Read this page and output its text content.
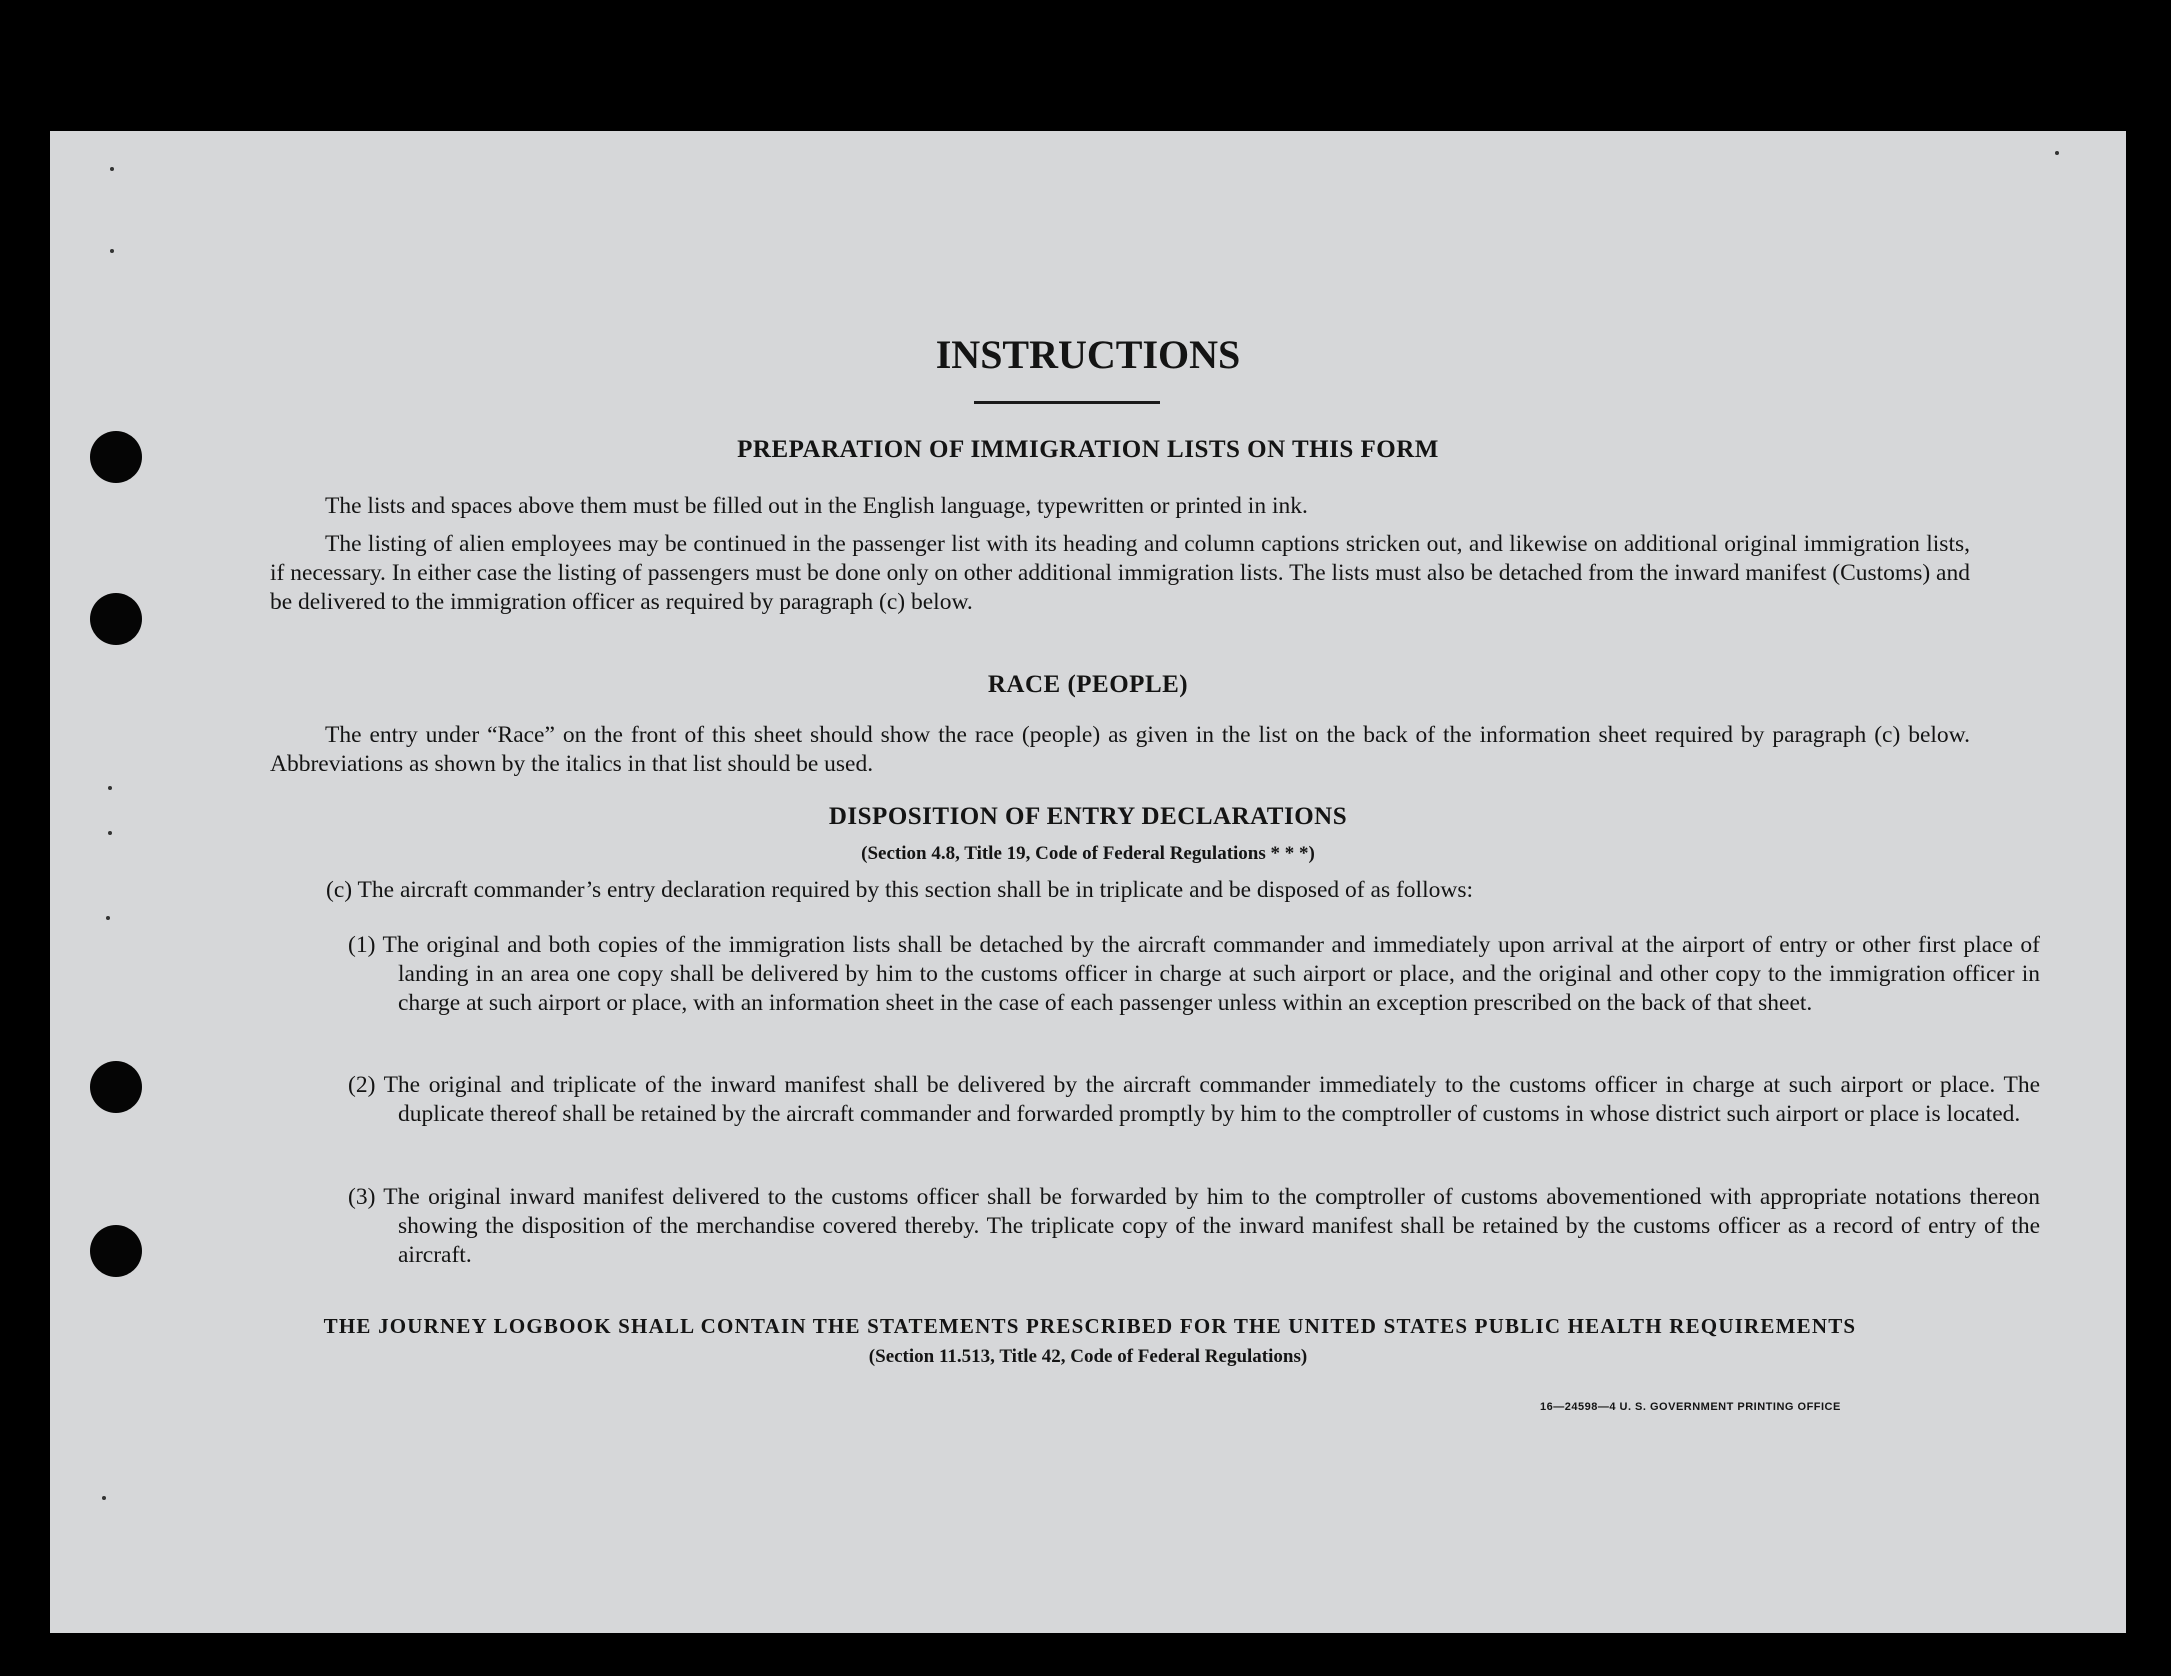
INSTRUCTIONS
PREPARATION OF IMMIGRATION LISTS ON THIS FORM
The lists and spaces above them must be filled out in the English language, typewritten or printed in ink.
The listing of alien employees may be continued in the passenger list with its heading and column captions stricken out, and likewise on additional original immigration lists, if necessary. In either case the listing of passengers must be done only on other additional immigration lists. The lists must also be detached from the inward manifest (Customs) and be delivered to the immigration officer as required by paragraph (c) below.
RACE (PEOPLE)
The entry under “Race” on the front of this sheet should show the race (people) as given in the list on the back of the information sheet required by paragraph (c) below. Abbreviations as shown by the italics in that list should be used.
DISPOSITION OF ENTRY DECLARATIONS
(Section 4.8, Title 19, Code of Federal Regulations * * *)
(c) The aircraft commander’s entry declaration required by this section shall be in triplicate and be disposed of as follows:
(1) The original and both copies of the immigration lists shall be detached by the aircraft commander and immediately upon arrival at the airport of entry or other first place of landing in an area one copy shall be delivered by him to the customs officer in charge at such airport or place, and the original and other copy to the immigration officer in charge at such airport or place, with an information sheet in the case of each passenger unless within an exception prescribed on the back of that sheet.
(2) The original and triplicate of the inward manifest shall be delivered by the aircraft commander immediately to the customs officer in charge at such airport or place. The duplicate thereof shall be retained by the aircraft commander and forwarded promptly by him to the comptroller of customs in whose district such airport or place is located.
(3) The original inward manifest delivered to the customs officer shall be forwarded by him to the comptroller of customs abovementioned with appropriate notations thereon showing the disposition of the merchandise covered thereby. The triplicate copy of the inward manifest shall be retained by the customs officer as a record of entry of the aircraft.
THE JOURNEY LOGBOOK SHALL CONTAIN THE STATEMENTS PRESCRIBED FOR THE UNITED STATES PUBLIC HEALTH REQUIREMENTS
(Section 11.513, Title 42, Code of Federal Regulations)
16—24598—4 U. S. GOVERNMENT PRINTING OFFICE
